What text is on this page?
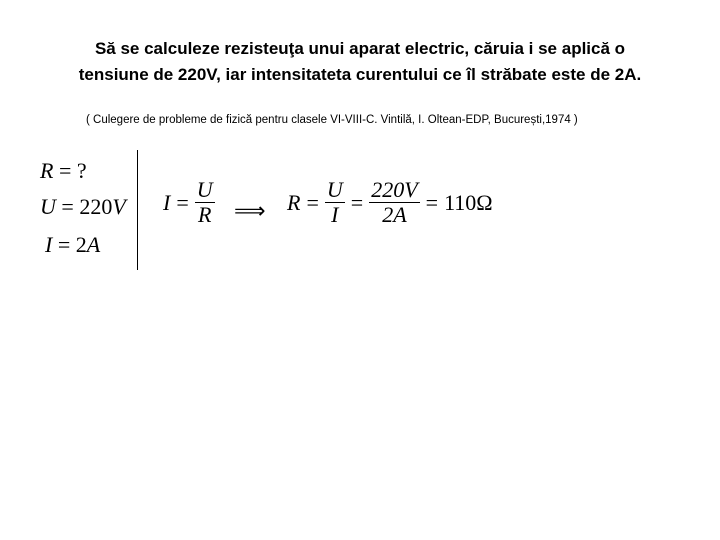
Să se calculeze rezisteuţa unui aparat electric, căruia i se aplică o
tensiune de 220V, iar intensitateta curentului ce îl străbate este de 2A.
( Culegere de probleme de fizică pentru clasele VI-VIII-C. Vintilă, I. Oltean-EDP, București,1974 )
R = ?
U = 220V
I = 2A
$I = \frac{U}{R}$ ⟹ $R = \frac{U}{I} = \frac{220V}{2A} = 110\Omega$
